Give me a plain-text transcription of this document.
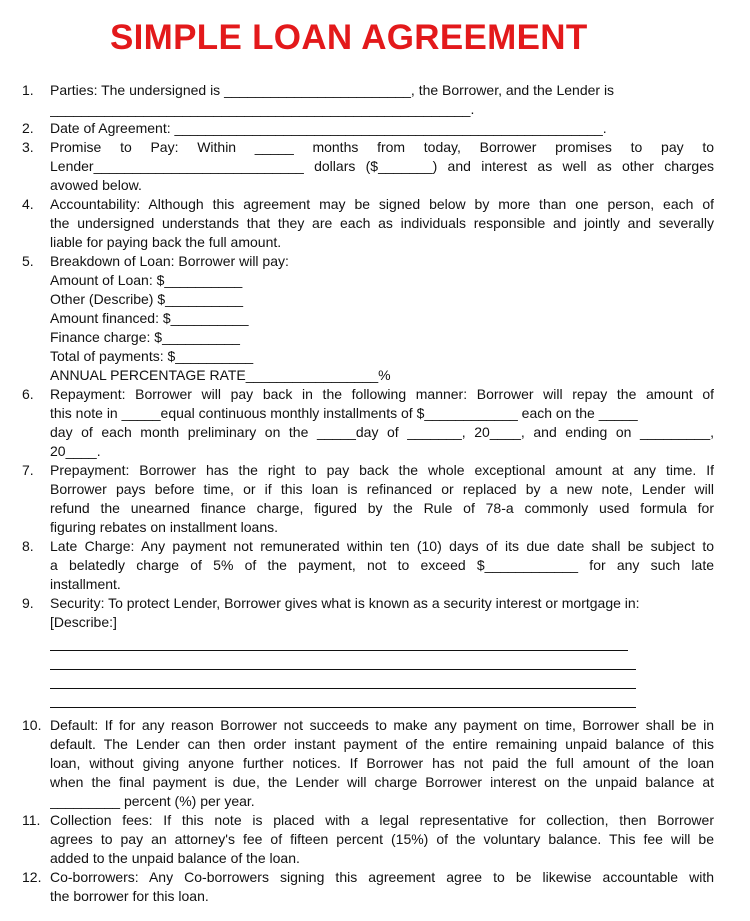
SIMPLE LOAN AGREEMENT
1.	Parties: The undersigned is ________________________, the Borrower, and the Lender is
______________________________________________________.
2.	Date of Agreement: _______________________________________________________.
3.	Promise to Pay: Within _____ months from today, Borrower promises to pay to
Lender___________________________ dollars ($_______) and interest as well as other charges
avowed below.
4.	Accountability: Although this agreement may be signed below by more than one person, each of
the undersigned understands that they are each as individuals responsible and jointly and severally
liable for paying back the full amount.
5.	Breakdown of Loan: Borrower will pay:
Amount of Loan: $__________
Other (Describe) $__________
Amount financed: $__________
Finance charge: $__________
Total of payments: $__________
ANNUAL PERCENTAGE RATE_________________%
6.	Repayment: Borrower will pay back in the following manner: Borrower will repay the amount of
this note in _____equal continuous monthly installments of $____________ each on the _____
day of each month preliminary on the _____day of _______, 20____, and ending on _________,
20____.
7.	Prepayment: Borrower has the right to pay back the whole exceptional amount at any time. If
Borrower pays before time, or if this loan is refinanced or replaced by a new note, Lender will
refund the unearned finance charge, figured by the Rule of 78-a commonly used formula for
figuring rebates on installment loans.
8.	Late Charge: Any payment not remunerated within ten (10) days of its due date shall be subject to
a belatedly charge of 5% of the payment, not to exceed $____________ for any such late
installment.
9.	Security: To protect Lender, Borrower gives what is known as a security interest or mortgage in:
[Describe:]
10. Default: If for any reason Borrower not succeeds to make any payment on time, Borrower shall be in
default. The Lender can then order instant payment of the entire remaining unpaid balance of this
loan, without giving anyone further notices. If Borrower has not paid the full amount of the loan
when the final payment is due, the Lender will charge Borrower interest on the unpaid balance at
_________ percent (%) per year.
11. Collection fees: If this note is placed with a legal representative for collection, then Borrower
agrees to pay an attorney's fee of fifteen percent (15%) of the voluntary balance. This fee will be
added to the unpaid balance of the loan.
12. Co-borrowers: Any Co-borrowers signing this agreement agree to be likewise accountable with
the borrower for this loan.
